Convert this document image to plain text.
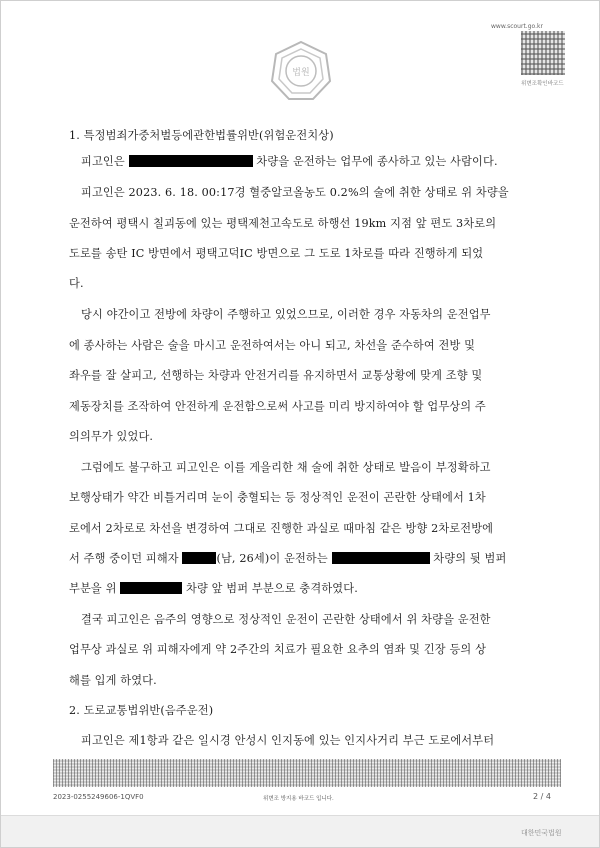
법원
www.scourt.go.kr
위변조확인바코드
1. 특정범죄가중처벌등에관한법률위반(위험운전치상)
피고인은	차량을 운전하는 업무에 종사하고 있는 사람이다.
피고인은 2023. 6. 18. 00:17경 혈중알코올농도 0.2%의 술에 취한 상태로 위 차량을
운전하여 평택시 칠괴동에 있는 평택제천고속도로 하행선 19km 지점 앞 편도 3차로의
도로를 송탄 IC 방면에서 평택고덕IC 방면으로 그 도로 1차로를 따라 진행하게 되었
다.
당시 야간이고 전방에 차량이 주행하고 있었으므로, 이러한 경우 자동차의 운전업무
에 종사하는 사람은 술을 마시고 운전하여서는 아니 되고, 차선을 준수하여 전방 및
좌우를 잘 살피고, 선행하는 차량과 안전거리를 유지하면서 교통상황에 맞게 조향 및
제동장치를 조작하여 안전하게 운전함으로써 사고를 미리 방지하여야 할 업무상의 주
의의무가 있었다.
그럼에도 불구하고 피고인은 이를 게을리한 채 술에 취한 상태로 발음이 부정확하고
보행상태가 약간 비틀거리며 눈이 충혈되는 등 정상적인 운전이 곤란한 상태에서 1차
로에서 2차로로 차선을 변경하여 그대로 진행한 과실로 때마침 같은 방향 2차로전방에
서 주행 중이던 피해자	(남, 26세)이 운전하는	차량의 뒷 범퍼
부분을 위	차량 앞 범퍼 부분으로 충격하였다.
결국 피고인은 음주의 영향으로 정상적인 운전이 곤란한 상태에서 위 차량을 운전한
업무상 과실로 위 피해자에게 약 2주간의 치료가 필요한 요추의 염좌 및 긴장 등의 상
해를 입게 하였다.
2. 도로교통법위반(음주운전)
피고인은 제1항과 같은 일시경 안성시 인지동에 있는 인지사거리 부근 도로에서부터
2023-0255249606-1QVF0	위변조 방지용 바코드 입니다.	2 / 4
대한민국법원
